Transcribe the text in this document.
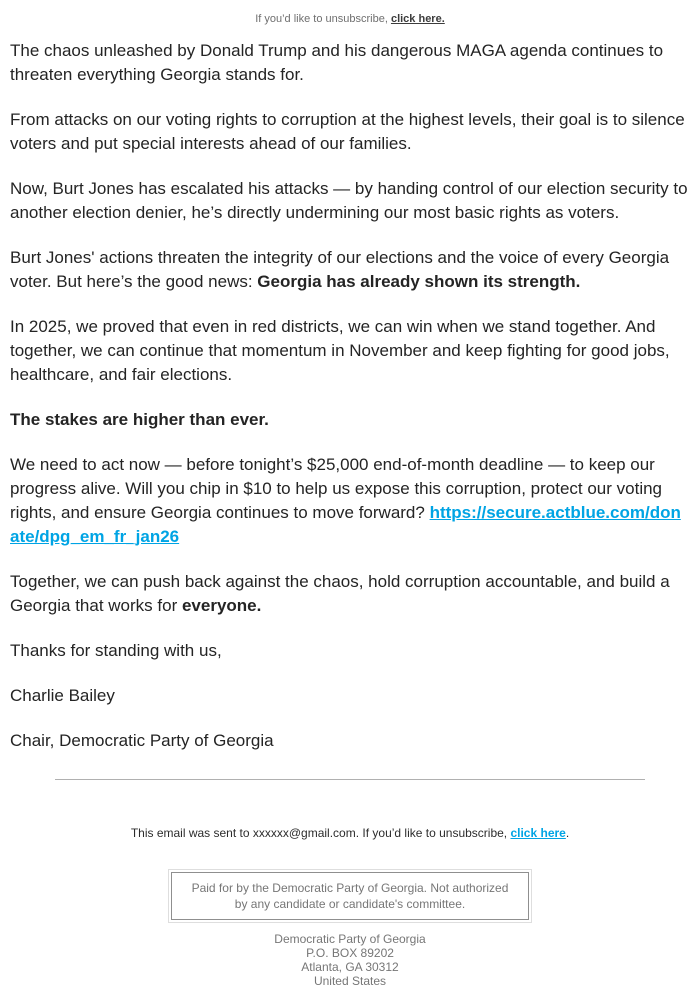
If you’d like to unsubscribe, click here.

The chaos unleashed by Donald Trump and his dangerous MAGA agenda continues to threaten everything Georgia stands for.

From attacks on our voting rights to corruption at the highest levels, their goal is to silence voters and put special interests ahead of our families.

Now, Burt Jones has escalated his attacks — by handing control of our election security to another election denier, he’s directly undermining our most basic rights as voters.

Burt Jones' actions threaten the integrity of our elections and the voice of every Georgia voter. But here’s the good news: Georgia has already shown its strength.

In 2025, we proved that even in red districts, we can win when we stand together. And together, we can continue that momentum in November and keep fighting for good jobs, healthcare, and fair elections.

The stakes are higher than ever.

We need to act now — before tonight’s $25,000 end-of-month deadline — to keep our progress alive. Will you chip in $10 to help us expose this corruption, protect our voting rights, and ensure Georgia continues to move forward? https://secure.actblue.com/donate/dpg_em_fr_jan26

Together, we can push back against the chaos, hold corruption accountable, and build a Georgia that works for everyone.

Thanks for standing with us,

Charlie Bailey

Chair, Democratic Party of Georgia

This email was sent to xxxxxx@gmail.com. If you’d like to unsubscribe, click here.
Paid for by the Democratic Party of Georgia. Not authorized by any candidate or candidate's committee.
Democratic Party of Georgia
P.O. BOX 89202
Atlanta, GA 30312
United States
